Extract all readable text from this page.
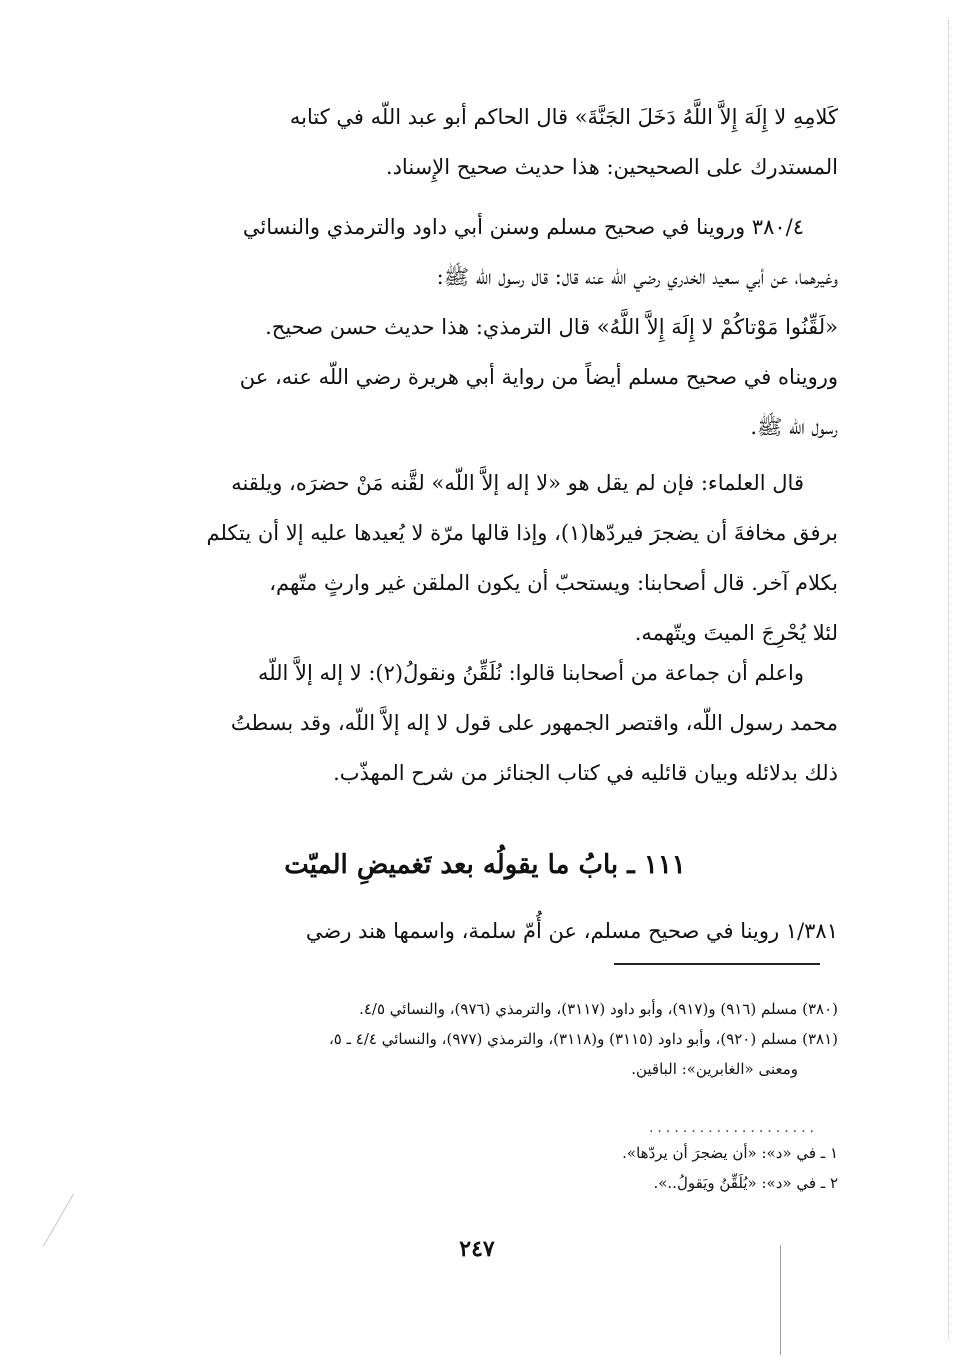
كَلامِهِ لا إِلَهَ إِلاَّ اللَّهُ دَخَلَ الجَنَّةَ» قال الحاكم أبو عبد اللّه في كتابه
المستدرك على الصحيحين: هذا حديث صحيح الإِسناد.
٣٨٠/٤ وروينا في صحيح مسلم وسنن أبي داود والترمذي والنسائي
وغيرهما، عن أبي سعيد الخدري رضي اللّه عنه قال: قال رسول اللّه ﷺ:
«لَقِّنُوا مَوْتاكُمْ لا إِلَهَ إِلاَّ اللَّهُ» قال الترمذي: هذا حديث حسن صحيح.
ورويناه في صحيح مسلم أيضاً من رواية أبي هريرة رضي اللّه عنه، عن
رسول اللّه ﷺ.
قال العلماء: فإن لم يقل هو «لا إله إلاَّ اللّه» لقَّنه مَنْ حضرَه، ويلقنه
برفق مخافةَ أن يضجرَ فيردّها(١)، وإذا قالها مرّة لا يُعيدها عليه إلا أن يتكلم
بكلام آخر. قال أصحابنا: ويستحبّ أن يكون الملقن غير وارثٍ متّهم،
لئلا يُحْرِجَ الميتَ ويتّهمه.
واعلم أن جماعة من أصحابنا قالوا: نُلَقِّنُ ونقولُ(٢): لا إله إلاَّ اللّه
محمد رسول اللّه، واقتصر الجمهور على قول لا إله إلاَّ اللّه، وقد بسطتُ
ذلك بدلائله وبيان قائليه في كتاب الجنائز من شرح المهذّب.
١١١ ـ بابُ ما يقولُه بعد تَغميضِ الميّت
١/٣٨١ روينا في صحيح مسلم، عن أُمّ سلمة، واسمها هند رضي
(٣٨٠) مسلم (٩١٦) و(٩١٧)، وأبو داود (٣١١٧)، والترمذي (٩٧٦)، والنسائي ٤/٥.
(٣٨١) مسلم (٩٢٠)، وأبو داود (٣١١٥) و(٣١١٨)، والترمذي (٩٧٧)، والنسائي ٤/٤ ـ ٥،
ومعنى «الغابرين»: الباقين.
....................
١ ـ في «د»: «أن يضجرَ أن يردّها».
٢ ـ في «د»: «يُلَقِّنُ ويَقولُ..».
٢٤٧
